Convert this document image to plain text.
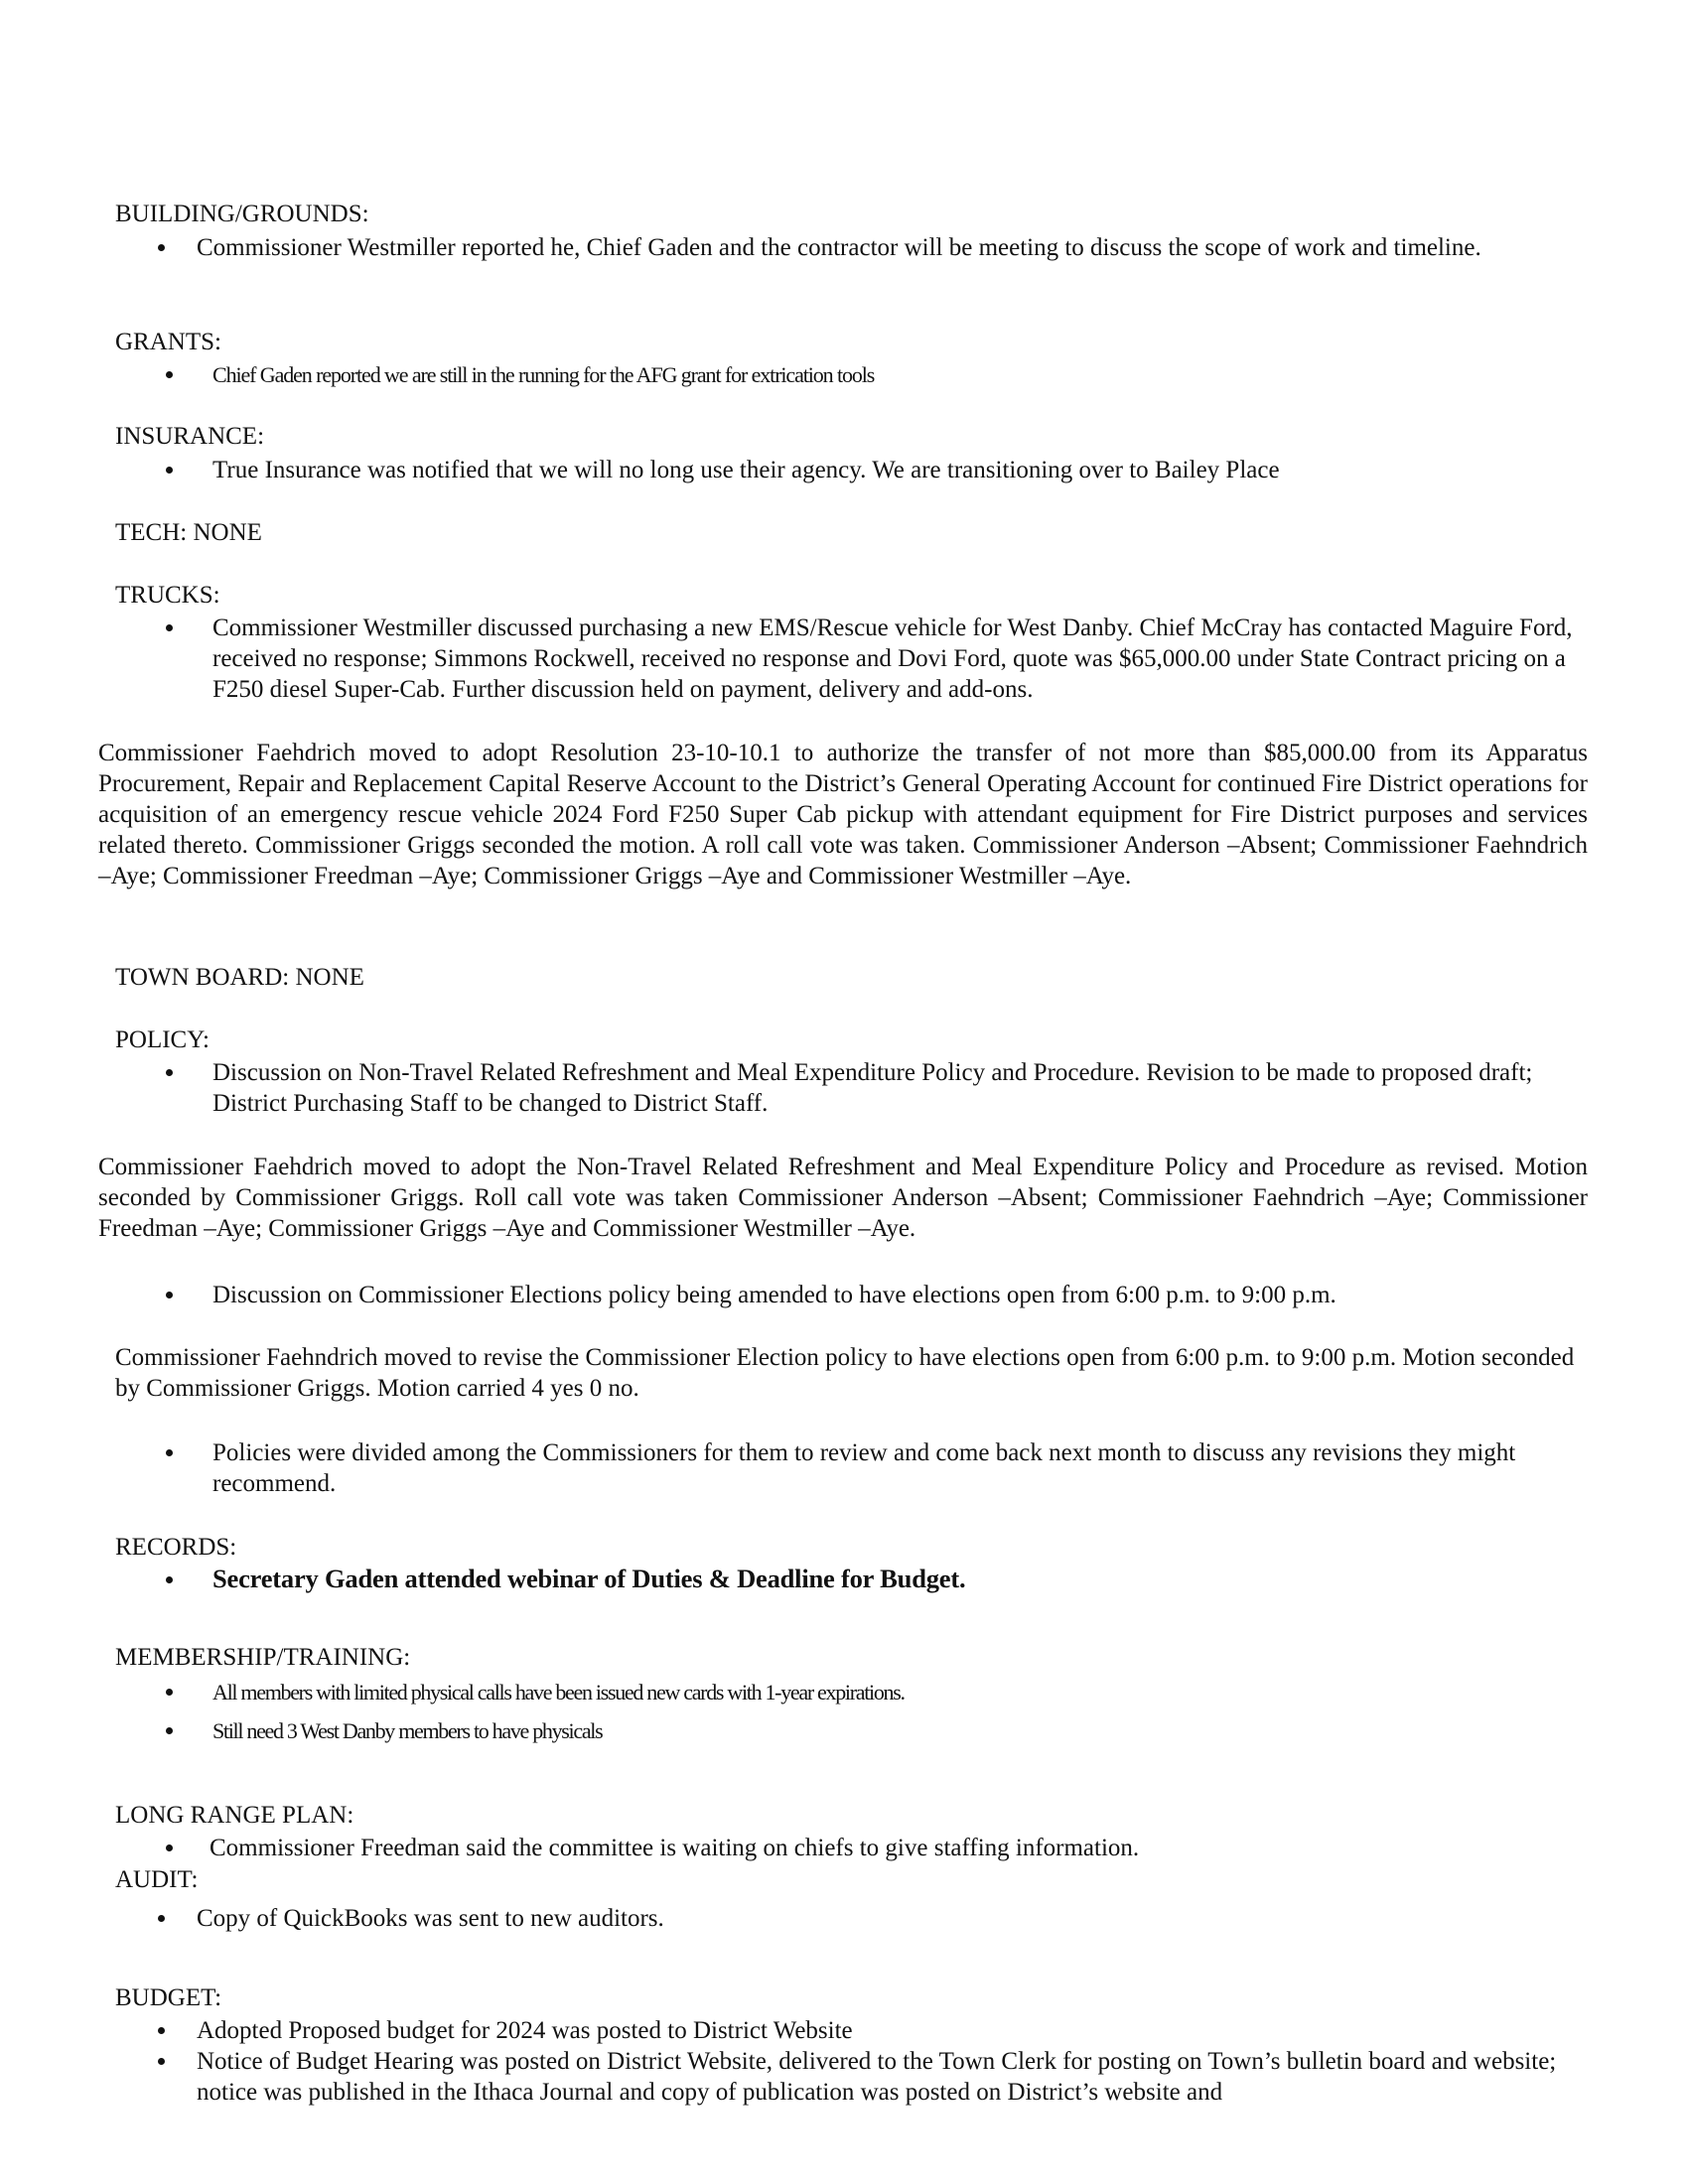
BUILDING/GROUNDS:
Commissioner Westmiller reported he, Chief Gaden and the contractor will be meeting to discuss the scope of work and timeline.
GRANTS:
Chief Gaden reported we are still in the running for the AFG grant for extrication tools
INSURANCE:
True Insurance was notified that we will no long use their agency. We are transitioning over to Bailey Place
TECH: NONE
TRUCKS:
Commissioner Westmiller discussed purchasing a new EMS/Rescue vehicle for West Danby. Chief McCray has contacted Maguire Ford, received no response; Simmons Rockwell, received no response and Dovi Ford, quote was $65,000.00 under State Contract pricing on a F250 diesel Super-Cab. Further discussion held on payment, delivery and add-ons.
Commissioner Faehdrich moved to adopt Resolution 23-10-10.1 to authorize the transfer of not more than $85,000.00 from its Apparatus Procurement, Repair and Replacement Capital Reserve Account to the District’s General Operating Account for continued Fire District operations for acquisition of an emergency rescue vehicle 2024 Ford F250 Super Cab pickup with attendant equipment for Fire District purposes and services related thereto. Commissioner Griggs seconded the motion. A roll call vote was taken. Commissioner Anderson –Absent; Commissioner Faehndrich –Aye; Commissioner Freedman –Aye; Commissioner Griggs –Aye and Commissioner Westmiller –Aye.
TOWN BOARD: NONE
POLICY:
Discussion on Non-Travel Related Refreshment and Meal Expenditure Policy and Procedure. Revision to be made to proposed draft; District Purchasing Staff to be changed to District Staff.
Commissioner Faehdrich moved to adopt the Non-Travel Related Refreshment and Meal Expenditure Policy and Procedure as revised. Motion seconded by Commissioner Griggs. Roll call vote was taken Commissioner Anderson –Absent; Commissioner Faehndrich –Aye; Commissioner Freedman –Aye; Commissioner Griggs –Aye and Commissioner Westmiller –Aye.
Discussion on Commissioner Elections policy being amended to have elections open from 6:00 p.m. to 9:00 p.m.
Commissioner Faehndrich moved to revise the Commissioner Election policy to have elections open from 6:00 p.m. to 9:00 p.m. Motion seconded by Commissioner Griggs. Motion carried 4 yes 0 no.
Policies were divided among the Commissioners for them to review and come back next month to discuss any revisions they might recommend.
RECORDS:
Secretary Gaden attended webinar of Duties & Deadline for Budget.
MEMBERSHIP/TRAINING:
All members with limited physical calls have been issued new cards with 1-year expirations.
Still need 3 West Danby members to have physicals
LONG RANGE PLAN:
Commissioner Freedman said the committee is waiting on chiefs to give staffing information.
AUDIT:
Copy of QuickBooks was sent to new auditors.
BUDGET:
Adopted Proposed budget for 2024 was posted to District Website
Notice of Budget Hearing was posted on District Website, delivered to the Town Clerk for posting on Town’s bulletin board and website; notice was published in the Ithaca Journal and copy of publication was posted on District’s website and
